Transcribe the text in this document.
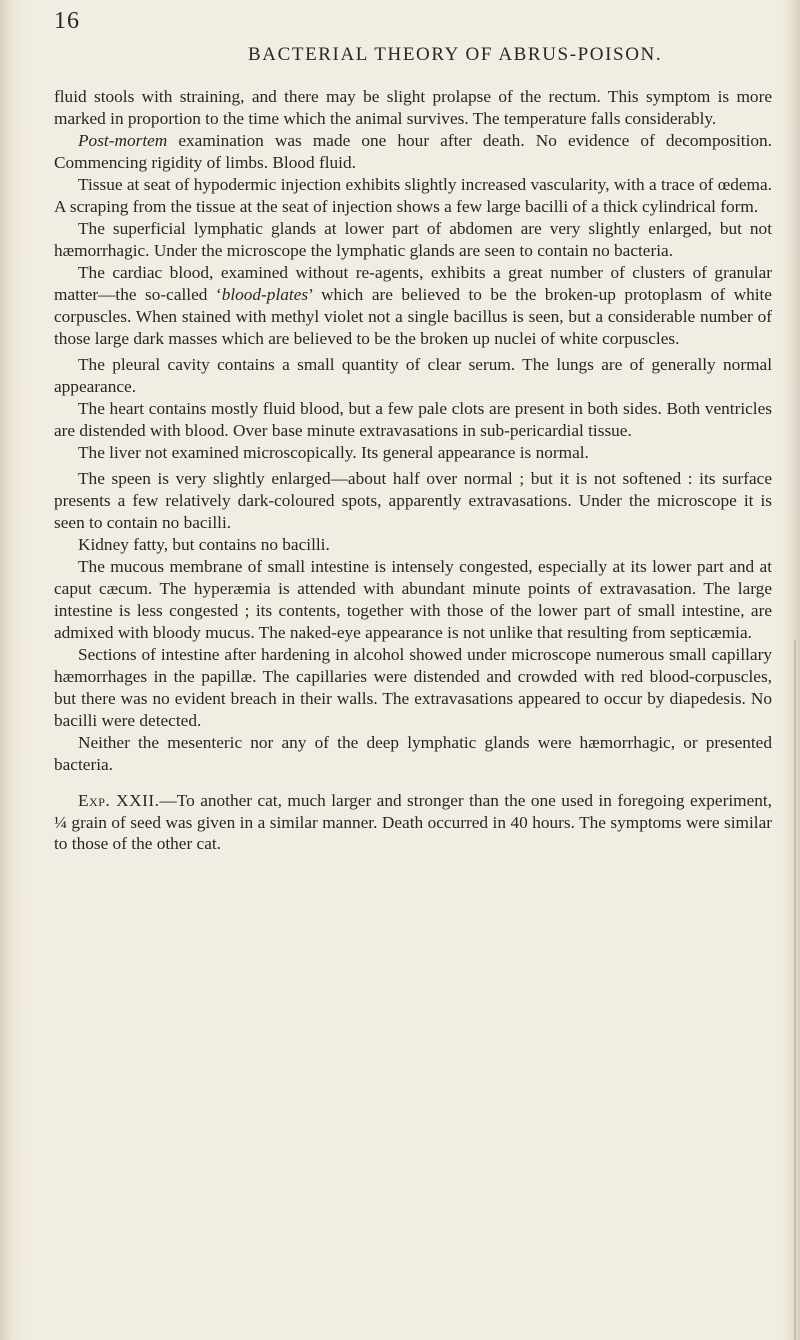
16
BACTERIAL THEORY OF ABRUS-POISON.

fluid stools with straining, and there may be slight prolapse of the rectum. This symptom is more marked in proportion to the time which the animal survives. The temperature falls considerably.

Post-mortem examination was made one hour after death. No evidence of decomposition. Commencing rigidity of limbs. Blood fluid.

Tissue at seat of hypodermic injection exhibits slightly increased vascularity, with a trace of œdema. A scraping from the tissue at the seat of injection shows a few large bacilli of a thick cylindrical form.

The superficial lymphatic glands at lower part of abdomen are very slightly enlarged, but not hæmorrhagic. Under the microscope the lymphatic glands are seen to contain no bacteria.

The cardiac blood, examined without re-agents, exhibits a great number of clusters of granular matter—the so-called ‘blood-plates’ which are believed to be the broken-up protoplasm of white corpuscles. When stained with methyl violet not a single bacillus is seen, but a considerable number of those large dark masses which are believed to be the broken up nuclei of white corpuscles.

The pleural cavity contains a small quantity of clear serum. The lungs are of generally normal appearance.

The heart contains mostly fluid blood, but a few pale clots are present in both sides. Both ventricles are distended with blood. Over base minute extravasations in sub-pericardial tissue.

The liver not examined microscopically. Its general appearance is normal.

The speen is very slightly enlarged—about half over normal ; but it is not softened : its surface presents a few relatively dark-coloured spots, apparently extravasations. Under the microscope it is seen to contain no bacilli.

Kidney fatty, but contains no bacilli.

The mucous membrane of small intestine is intensely congested, especially at its lower part and at caput cæcum. The hyperæmia is attended with abundant minute points of extravasation. The large intestine is less congested ; its contents, together with those of the lower part of small intestine, are admixed with bloody mucus. The naked-eye appearance is not unlike that resulting from septicæmia.

Sections of intestine after hardening in alcohol showed under microscope numerous small capillary hæmorrhages in the papillæ. The capillaries were distended and crowded with red blood-corpuscles, but there was no evident breach in their walls. The extravasations appeared to occur by diapedesis. No bacilli were detected.

Neither the mesenteric nor any of the deep lymphatic glands were hæmorrhagic, or presented bacteria.

Exp. XXII.—To another cat, much larger and stronger than the one used in foregoing experiment, ¼ grain of seed was given in a similar manner. Death occurred in 40 hours. The symptoms were similar to those of the other cat.
